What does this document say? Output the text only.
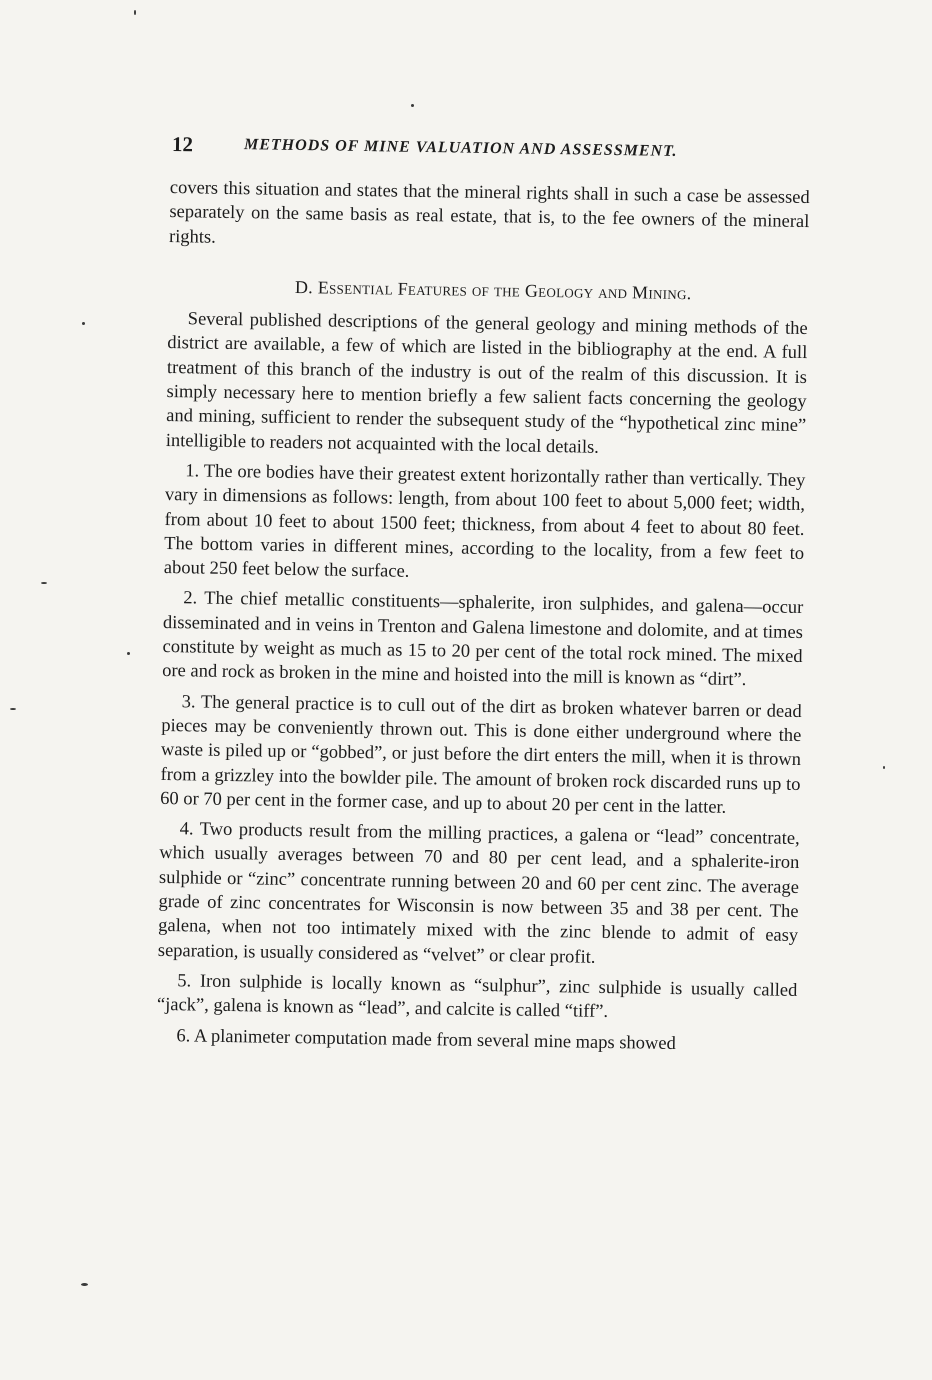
12	METHODS OF MINE VALUATION AND ASSESSMENT.

covers this situation and states that the mineral rights shall in such a case be assessed separately on the same basis as real estate, that is, to the fee owners of the mineral rights.

D. Essential Features of the Geology and Mining.

Several published descriptions of the general geology and mining methods of the district are available, a few of which are listed in the bibliography at the end. A full treatment of this branch of the industry is out of the realm of this discussion. It is simply necessary here to mention briefly a few salient facts concerning the geology and mining, sufficient to render the subsequent study of the “hypothetical zinc mine” intelligible to readers not acquainted with the local details.

1. The ore bodies have their greatest extent horizontally rather than vertically. They vary in dimensions as follows: length, from about 100 feet to about 5,000 feet; width, from about 10 feet to about 1500 feet; thickness, from about 4 feet to about 80 feet. The bottom varies in different mines, according to the locality, from a few feet to about 250 feet below the surface.

2. The chief metallic constituents—sphalerite, iron sulphides, and galena—occur disseminated and in veins in Trenton and Galena limestone and dolomite, and at times constitute by weight as much as 15 to 20 per cent of the total rock mined. The mixed ore and rock as broken in the mine and hoisted into the mill is known as “dirt”.

3. The general practice is to cull out of the dirt as broken whatever barren or dead pieces may be conveniently thrown out. This is done either underground where the waste is piled up or “gobbed”, or just before the dirt enters the mill, when it is thrown from a grizzley into the bowlder pile. The amount of broken rock discarded runs up to 60 or 70 per cent in the former case, and up to about 20 per cent in the latter.

4. Two products result from the milling practices, a galena or “lead” concentrate, which usually averages between 70 and 80 per cent lead, and a sphalerite-iron sulphide or “zinc” concentrate running between 20 and 60 per cent zinc. The average grade of zinc concentrates for Wisconsin is now between 35 and 38 per cent. The galena, when not too intimately mixed with the zinc blende to admit of easy separation, is usually considered as “velvet” or clear profit.

5. Iron sulphide is locally known as “sulphur”, zinc sulphide is usually called “jack”, galena is known as “lead”, and calcite is called “tiff”.

6. A planimeter computation made from several mine maps showed
